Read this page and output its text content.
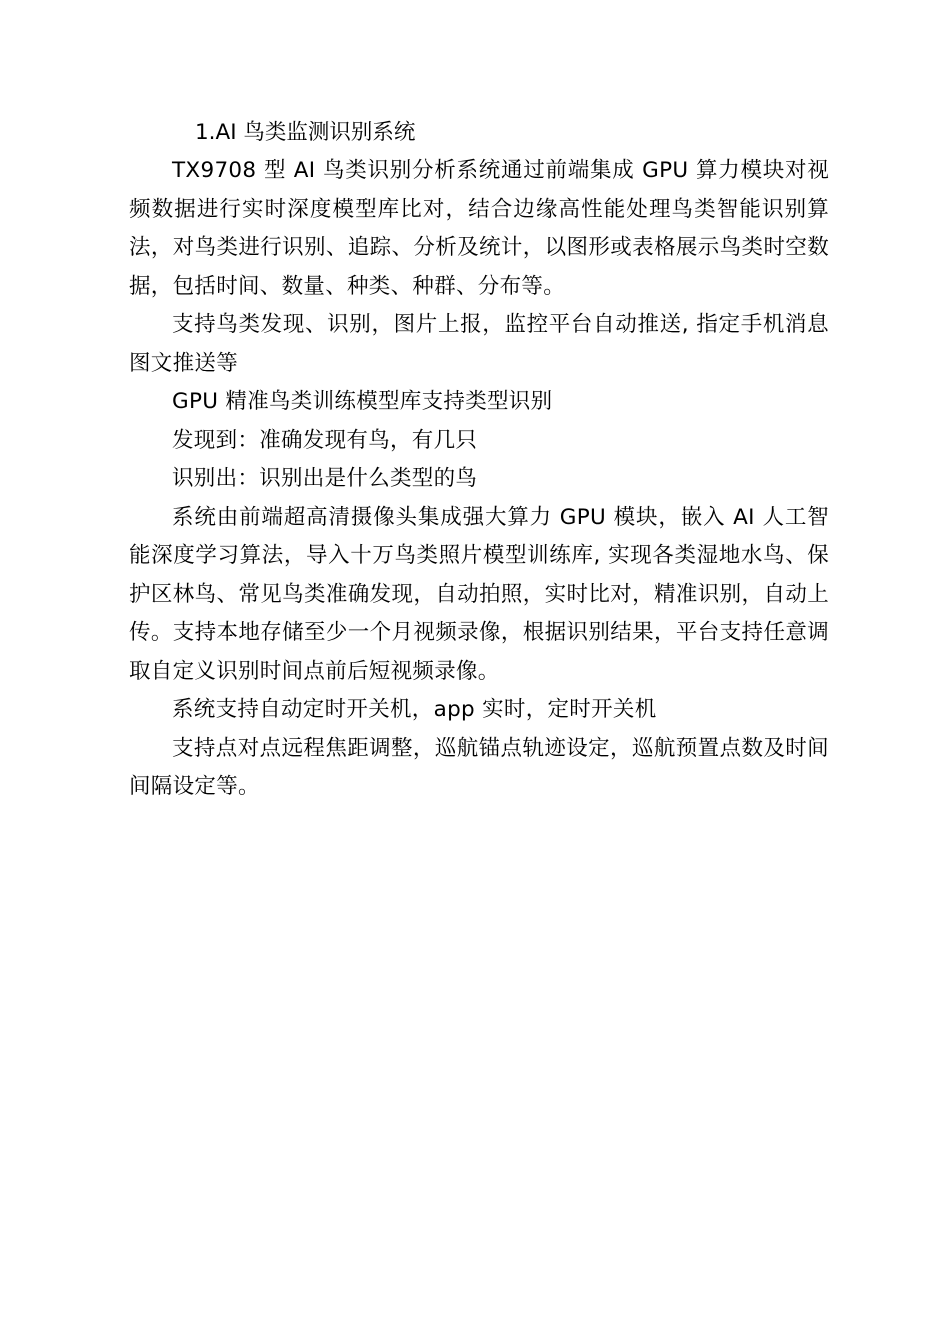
1.AI 鸟类监测识别系统

TX9708 型 AI 鸟类识别分析系统通过前端集成 GPU 算力模块对视频数据进行实时深度模型库比对，结合边缘高性能处理鸟类智能识别算法，对鸟类进行识别、追踪、分析及统计，以图形或表格展示鸟类时空数据，包括时间、数量、种类、种群、分布等。

支持鸟类发现、识别，图片上报，监控平台自动推送, 指定手机消息图文推送等

GPU 精准鸟类训练模型库支持类型识别

发现到：准确发现有鸟，有几只

识别出：识别出是什么类型的鸟

系统由前端超高清摄像头集成强大算力 GPU 模块，嵌入 AI 人工智能深度学习算法，导入十万鸟类照片模型训练库, 实现各类湿地水鸟、保护区林鸟、常见鸟类准确发现，自动拍照，实时比对，精准识别，自动上传。支持本地存储至少一个月视频录像，根据识别结果，平台支持任意调取自定义识别时间点前后短视频录像。

系统支持自动定时开关机，app 实时，定时开关机

支持点对点远程焦距调整，巡航锚点轨迹设定，巡航预置点数及时间间隔设定等。
